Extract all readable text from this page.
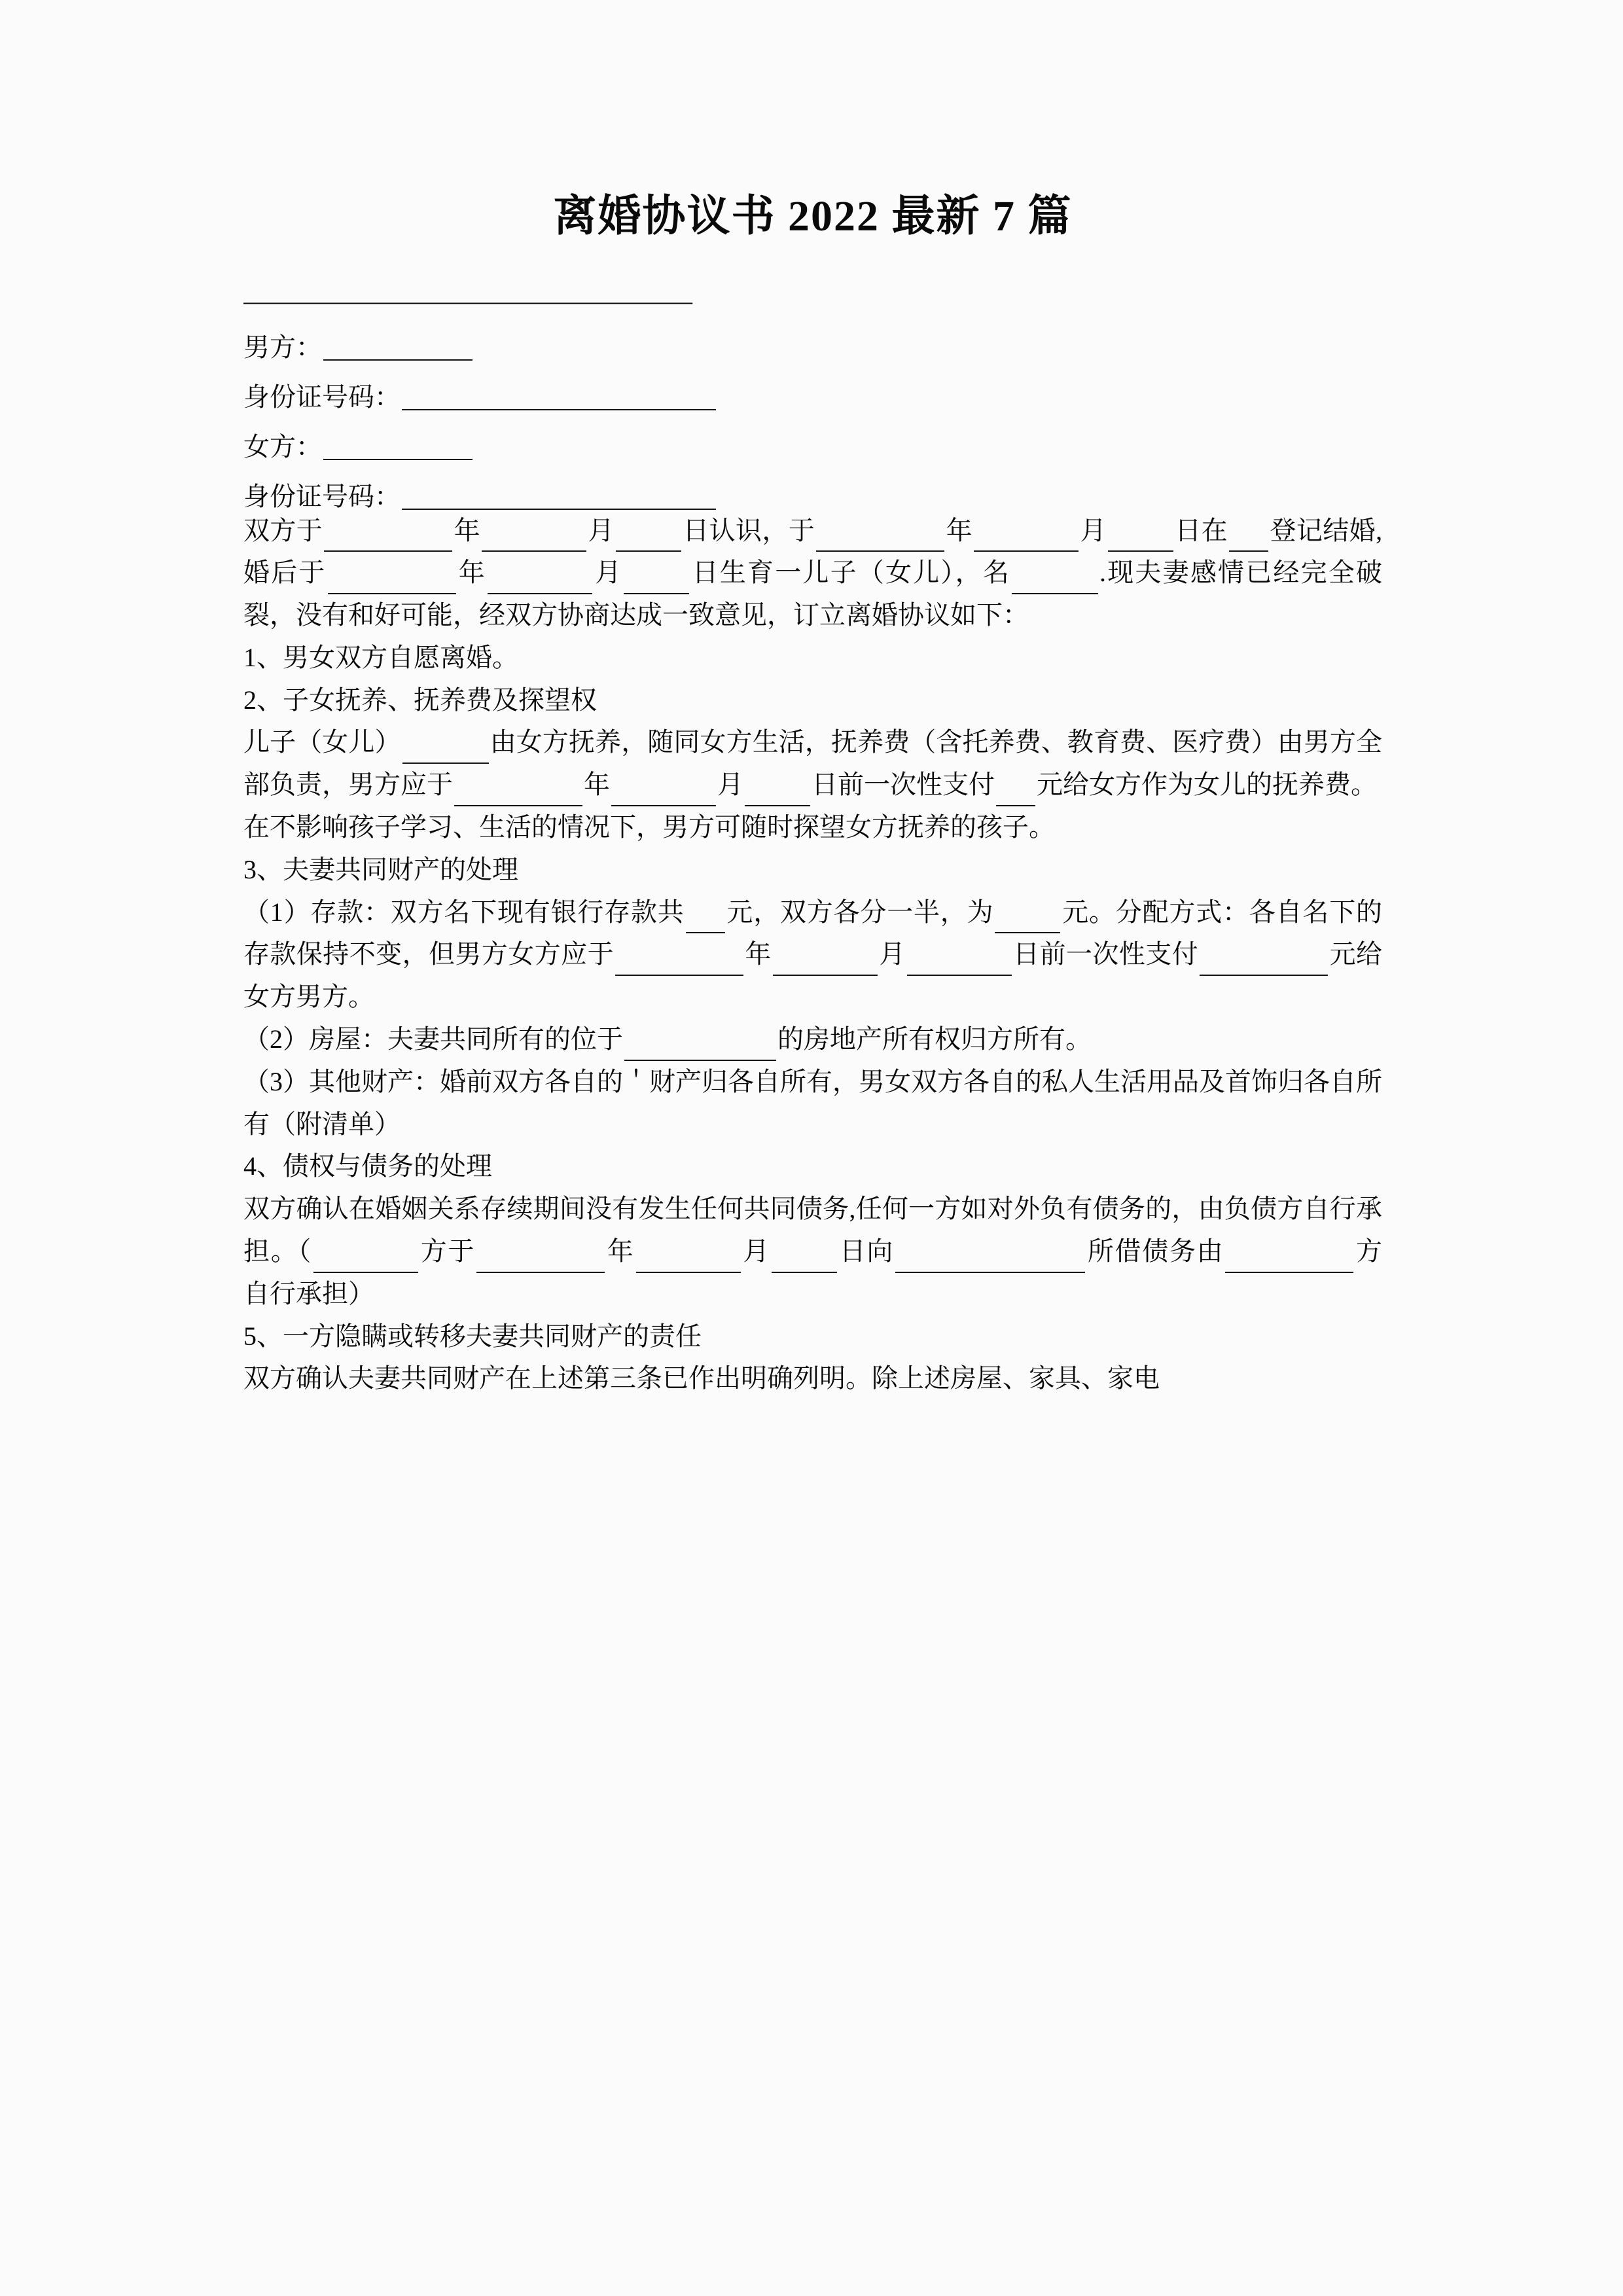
离婚协议书 2022 最新 7 篇
——————————————————
男方：
身份证号码：
女方：
身份证号码：

双方于	年	月	日认识，于	年	月	日在 登记结婚,婚后于	年	月	日生育一儿子（女儿），名	.现夫妻感情已经完全破裂，没有和好可能，经双方协商达成一致意见，订立离婚协议如下：

1、男女双方自愿离婚。

2、子女抚养、抚养费及探望权

儿子（女儿）	由女方抚养，随同女方生活，抚养费（含托养费、教育费、医疗费）由男方全部负责，男方应于	年	月	日前一次性支付 元给女方作为女儿的抚养费。

在不影响孩子学习、生活的情况下，男方可随时探望女方抚养的孩子。

3、夫妻共同财产的处理

（1）存款：双方名下现有银行存款共 元，双方各分一半，为	元。分配方式：各自名下的存款保持不变，但男方女方应于	年	月	日前一次性支付	元给女方男方。

（2）房屋：夫妻共同所有的位于	的房地产所有权归方所有。

（3）其他财产：婚前双方各自的＇财产归各自所有，男女双方各自的私人生活用品及首饰归各自所有（附清单）

4、债权与债务的处理

双方确认在婚姻关系存续期间没有发生任何共同债务,任何一方如对外负有债务的，由负债方自行承担。（	方于	年	月	日向	所借债务由	方自行承担）

5、一方隐瞒或转移夫妻共同财产的责任

双方确认夫妻共同财产在上述第三条已作出明确列明。除上述房屋、家具、家电
